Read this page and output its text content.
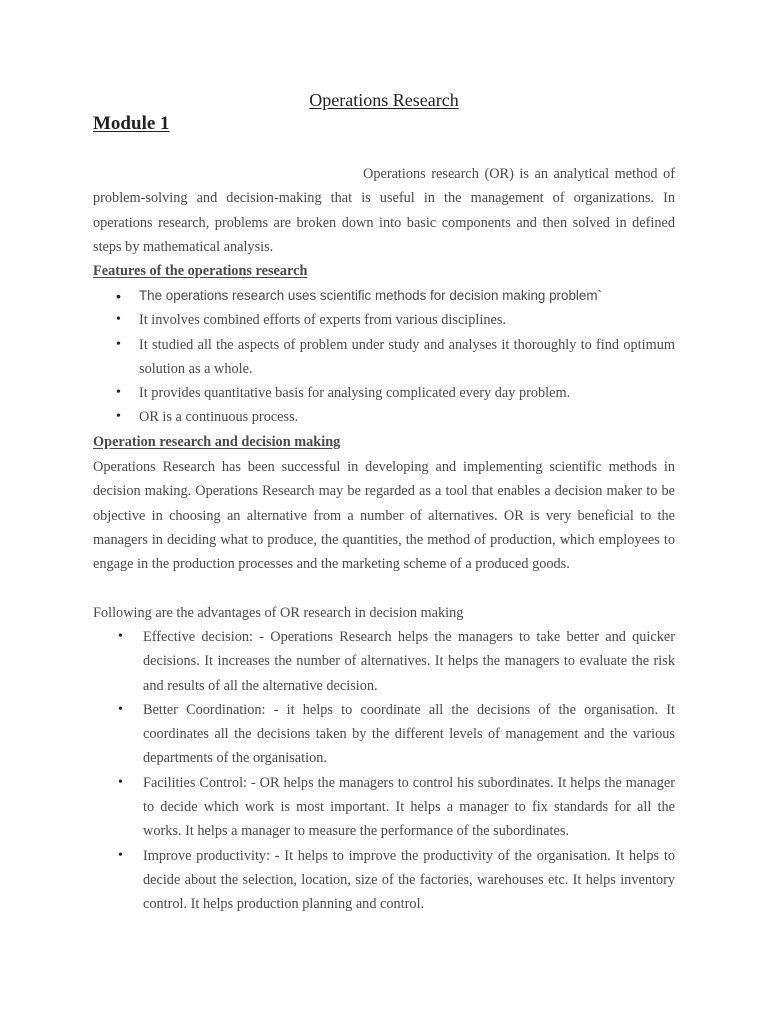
Operations Research
Module 1

Operations research (OR) is an analytical method of problem-solving and decision-making that is useful in the management of organizations. In operations research, problems are broken down into basic components and then solved in defined steps by mathematical analysis.

Features of the operations research
• The operations research uses scientific methods for decision making problem`
• It involves combined efforts of experts from various disciplines.
• It studied all the aspects of problem under study and analyses it thoroughly to find optimum solution as a whole.
• It provides quantitative basis for analysing complicated every day problem.
• OR is a continuous process.
Operation research and decision making

Operations Research has been successful in developing and implementing scientific methods in decision making. Operations Research may be regarded as a tool that enables a decision maker to be objective in choosing an alternative from a number of alternatives. OR is very beneficial to the managers in deciding what to produce, the quantities, the method of production, which employees to engage in the production processes and the marketing scheme of a produced goods.

Following are the advantages of OR research in decision making

• Effective decision: - Operations Research helps the managers to take better and quicker decisions. It increases the number of alternatives. It helps the managers to evaluate the risk and results of all the alternative decision.
• Better Coordination: - it helps to coordinate all the decisions of the organisation. It coordinates all the decisions taken by the different levels of management and the various departments of the organisation.
• Facilities Control: - OR helps the managers to control his subordinates. It helps the manager to decide which work is most important. It helps a manager to fix standards for all the works. It helps a manager to measure the performance of the subordinates.
• Improve productivity: - It helps to improve the productivity of the organisation. It helps to decide about the selection, location, size of the factories, warehouses etc. It helps inventory control. It helps production planning and control.
